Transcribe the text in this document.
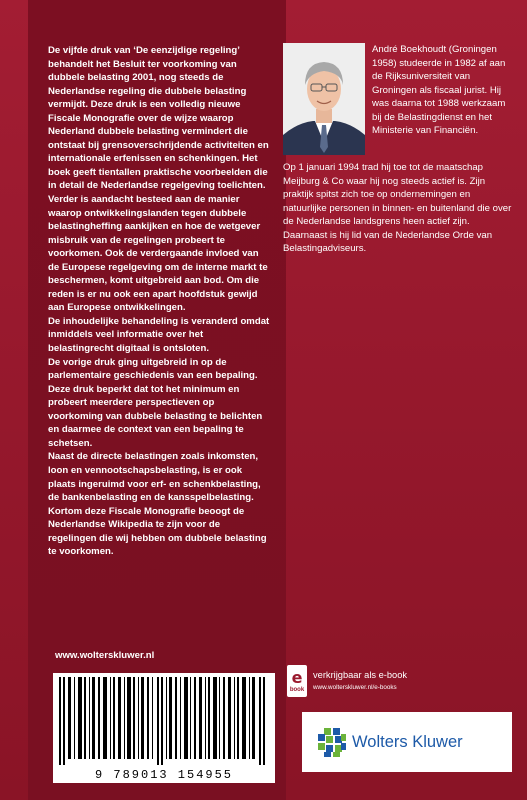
De vijfde druk van ‘De eenzijdige regeling’ behandelt het Besluit ter voorkoming van dubbele belasting 2001, nog steeds de Nederlandse regeling die dubbele belasting vermijdt. Deze druk is een volledig nieuwe Fiscale Monografie over de wijze waarop Nederland dubbele belasting vermindert die ontstaat bij grensoverschrijdende activiteiten en internationale erfenissen en schenkingen. Het boek geeft tientallen praktische voorbeelden die in detail de Nederlandse regelgeving toelichten. Verder is aandacht besteed aan de manier waarop ontwikkelingslanden tegen dubbele belastingheffing aankijken en hoe de wetgever misbruik van de regelingen probeert te voorkomen. Ook de verdergaande invloed van de Europese regelgeving om de interne markt te beschermen, komt uitgebreid aan bod. Om die reden is er nu ook een apart hoofdstuk gewijd aan Europese ontwikkelingen.

De inhoudelijke behandeling is veranderd omdat inmiddels veel informatie over het belastingrecht digitaal is ontsloten.

De vorige druk ging uitgebreid in op de parlementaire geschiedenis van een bepaling. Deze druk beperkt dat tot het minimum en probeert meerdere perspectieven op voorkoming van dubbele belasting te belichten en daarmee de context van een bepaling te schetsen.

Naast de directe belastingen zoals inkomsten, loon en vennootschapsbelasting, is er ook plaats ingeruimd voor erf- en schenkbelasting, de bankenbelasting en de kansspelbelasting. Kortom deze Fiscale Monografie beoogt de Nederlandse Wikipedia te zijn voor de regelingen die wij hebben om dubbele belasting te voorkomen.

André Boekhoudt (Groningen 1958) studeerde in 1982 af aan de Rijksuniversiteit van Groningen als fiscaal jurist. Hij was daarna tot 1988 werkzaam bij de Belastingdienst en het Ministerie van Financiën.

Op 1 januari 1994 trad hij toe tot de maatschap Meijburg & Co waar hij nog steeds actief is. Zijn praktijk spitst zich toe op ondernemingen en natuurlijke personen in binnen- en buitenland die over de Nederlandse landsgrens heen actief zijn. Daarnaast is hij lid van de Nederlandse Orde van Belastingadviseurs.

www.wolterskluwer.nl
9 789013 154955
e
book
verkrijgbaar als e-book
www.wolterskluwer.nl/e-books
Wolters Kluwer
